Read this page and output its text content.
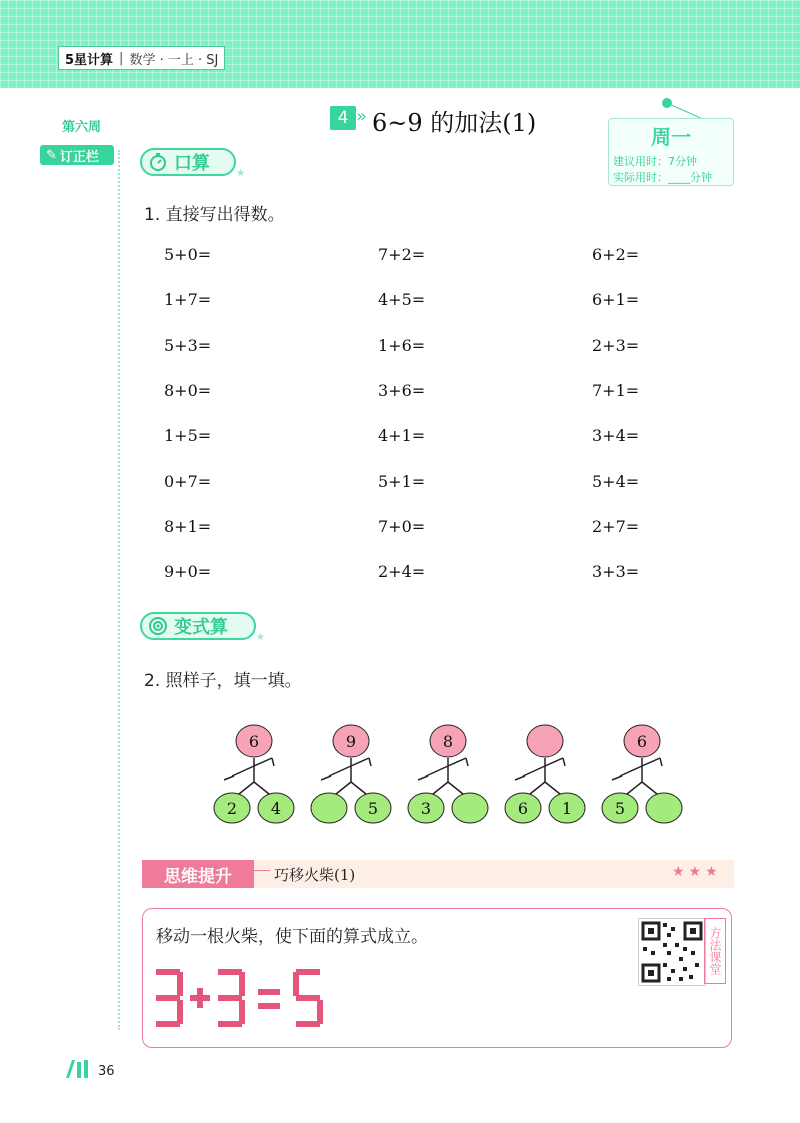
5星计算 | 数学 · 一上 · SJ
第六周
✎ 订正栏
4 » 6~9 的加法(1)	周一
建议用时：7分钟
实际用时：____分钟
口算	★
1. 直接写出得数。
5+0=	7+2=	6+2=
1+7=	4+5=	6+1=
5+3=	1+6=	2+3=
8+0=	3+6=	7+1=
1+5=	4+1=	3+4=
0+7=	5+1=	5+4=
8+1=	7+0=	2+7=
9+0=	2+4=	3+3=
变式算	★
2. 照样子，填一填。
6
2 4
9
5
8
3	6 1
6
5
思维提升	巧移火柴(1)	★★★
移动一根火柴，使下面的算式成立。	方法课堂
36
